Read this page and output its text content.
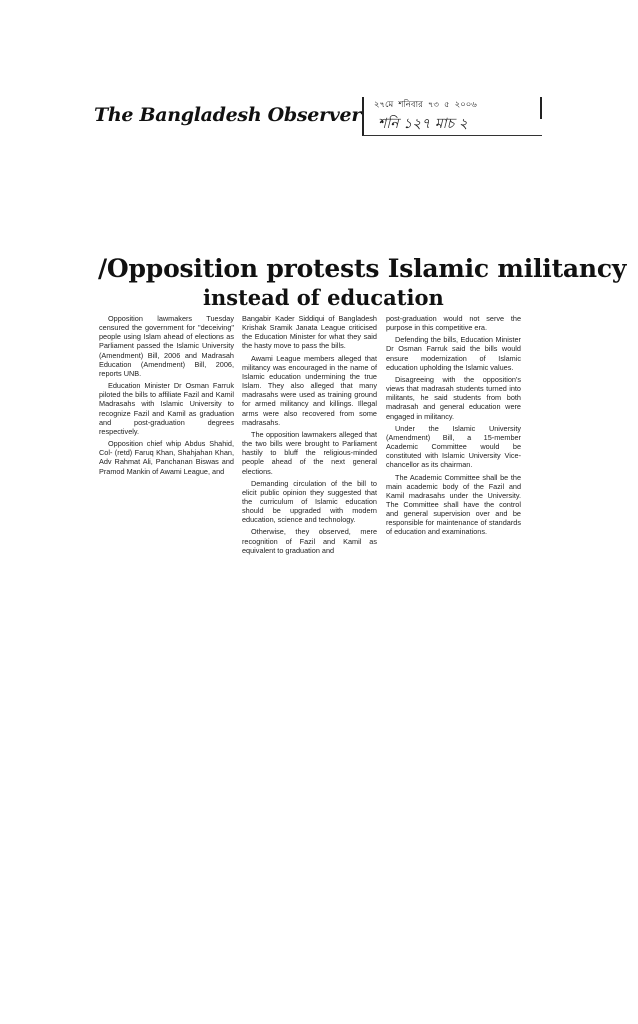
The Bangladesh Observer ২৭মে শনিবার ৭৩ ৫ ২০০৬
শনি ১২৭ মাচ ২
/Opposition protests Islamic militancy
instead of education

Opposition lawmakers Tuesday censured the government for "deceiving" people using Islam ahead of elections as Parliament passed the Islamic University (Amendment) Bill, 2006 and Madrasah Education (Amendment) Bill, 2006, reports UNB.

Education Minister Dr Osman Farruk piloted the bills to affiliate Fazil and Kamil Madrasahs with Islamic University to recognize Fazil and Kamil as graduation and post-graduation degrees respectively.

Opposition chief whip Abdus Shahid, Col- (retd) Faruq Khan, Shahjahan Khan, Adv Rahmat Ali, Panchanan Biswas and Pramod Mankin of Awami League, and

Bangabir Kader Siddiqui of Bangladesh Krishak Sramik Janata League criticised the Education Minister for what they said the hasty move to pass the bills.

Awami League members alleged that militancy was encouraged in the name of Islamic education undermining the true Islam. They also alleged that many madrasahs were used as training ground for armed militancy and killings. Illegal arms were also recovered from some madrasahs.

The opposition lawmakers alleged that the two bills were brought to Parliament hastily to bluff the religious-minded people ahead of the next general elections.

Demanding circulation of the bill to elicit public opinion they suggested that the curriculum of Islamic education should be upgraded with modern education, science and technology.

Otherwise, they observed, mere recognition of Fazil and Kamil as equivalent to graduation and

post-graduation would not serve the purpose in this competitive era.

Defending the bills, Education Minister Dr Osman Farruk said the bills would ensure modernization of Islamic education upholding the Islamic values.

Disagreeing with the opposition's views that madrasah students turned into militants, he said students from both madrasah and general education were engaged in militancy.

Under the Islamic University (Amendment) Bill, a 15-member Academic Committee would be constituted with Islamic University Vice-chancellor as its chairman.

The Academic Committee shall be the main academic body of the Fazil and Kamil madrasahs under the University. The Committee shall have the control and general supervision over and be responsible for maintenance of standards of education and examinations.
